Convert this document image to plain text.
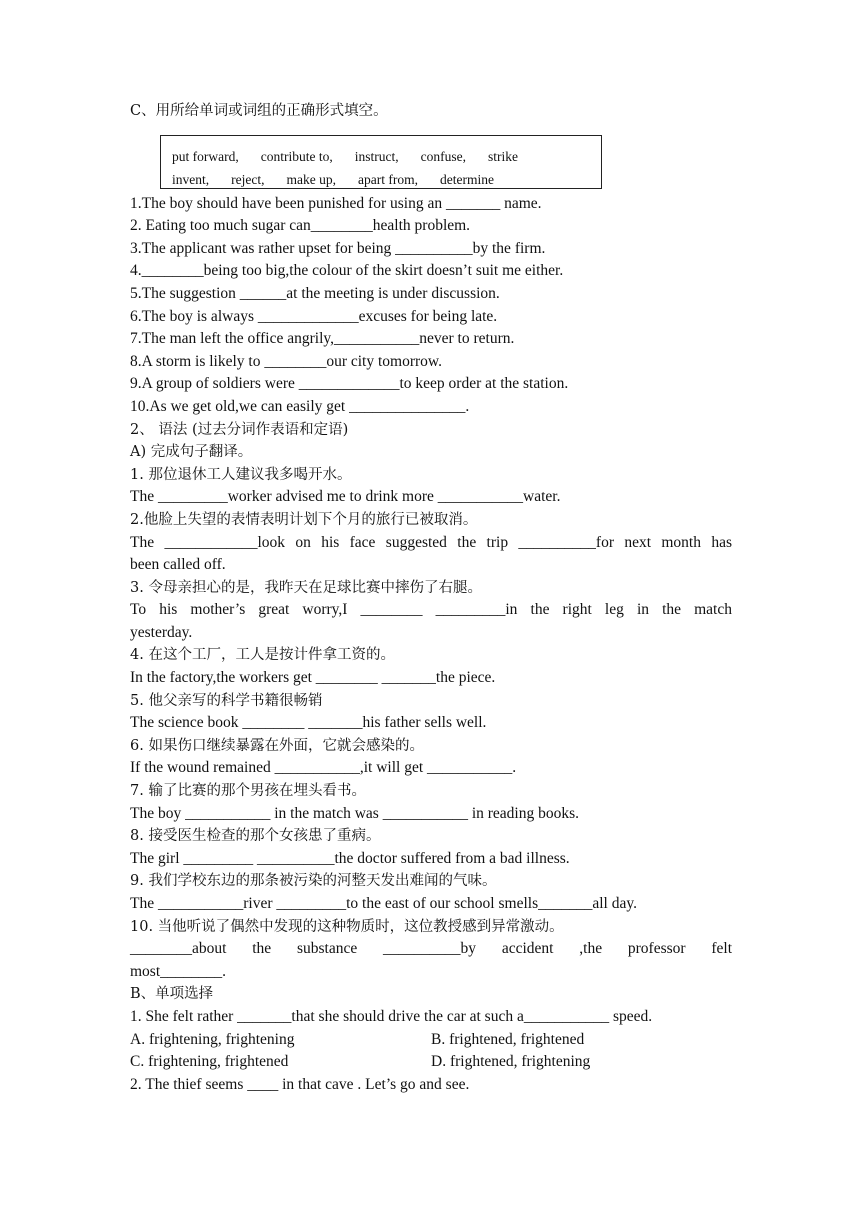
C、用所给单词或词组的正确形式填空。
put forward, contribute to, instruct, confuse, strike
invent, reject, make up, apart from, determine
1.The boy should have been punished for using an _______ name.
2. Eating too much sugar can________health problem.
3.The applicant was rather upset for being __________by the firm.
4.________being too big,the colour of the skirt doesn’t suit me either.
5.The suggestion ______at the meeting is under discussion.
6.The boy is always _____________excuses for being late.
7.The man left the office angrily,___________never to return.
8.A storm is likely to ________our city tomorrow.
9.A group of soldiers were _____________to keep order at the station.
10.As we get old,we can easily get _______________.
2、 语法 (过去分词作表语和定语)
A) 完成句子翻译。
1. 那位退休工人建议我多喝开水。
The _________worker advised me to drink more ___________water.
2.他脸上失望的表情表明计划下个月的旅行已被取消。
The ____________look on his face suggested the trip __________for next month has
been called off.
3. 令母亲担心的是，我昨天在足球比赛中摔伤了右腿。
To his mother’s great worry,I ________ _________in the right leg in the match
yesterday.
4. 在这个工厂，工人是按计件拿工资的。
In the factory,the workers get ________ _______the piece.
5. 他父亲写的科学书籍很畅销
The science book ________ _______his father sells well.
6. 如果伤口继续暴露在外面，它就会感染的。
If the wound remained ___________,it will get ___________.
7. 输了比赛的那个男孩在埋头看书。
The boy ___________ in the match was ___________ in reading books.
8. 接受医生检查的那个女孩患了重病。
The girl _________ __________the doctor suffered from a bad illness.
9. 我们学校东边的那条被污染的河整天发出难闻的气味。
The ___________river _________to the east of our school smells_______all day.
10. 当他听说了偶然中发现的这种物质时，这位教授感到异常激动。
________about the substance __________by accident ,the professor felt
most________.
B、单项选择
1. She felt rather _______that she should drive the car at such a___________ speed.
A. frightening, frightening	B. frightened, frightened
C. frightening, frightened	D. frightened, frightening
2. The thief seems ____ in that cave . Let’s go and see.
